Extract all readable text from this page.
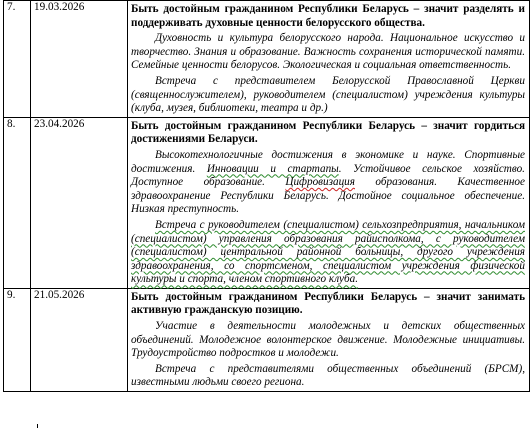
7.	19.03.2026	Быть достойным гражданином Республики Беларусь – значит разделять и поддерживать духовные ценности белорусского общества.
Духовность и культура белорусского народа. Национальное искусство и творчество. Знания и образование. Важность сохранения исторической памяти. Семейные ценности белорусов. Экологическая и социальная ответственность.
Встреча с представителем Белорусской Православной Церкви (священнослужителем), руководителем (специалистом) учреждения культуры (клуба, музея, библиотеки, театра и др.)

8.	23.04.2026	Быть достойным гражданином Республики Беларусь – значит гордиться достижениями Беларуси.
Высокотехнологичные достижения в экономике и науке. Спортивные достижения. Инновации и стартапы. Устойчивое сельское хозяйство. Доступное образование. Цифровизация образования. Качественное здравоохранение Республики Беларусь. Достойное социальное обеспечение. Низкая преступность.
Встреча с руководителем (специалистом) сельхозпредприятия, начальником (специалистом) управления образования райисполкома, с руководителем (специалистом) центральной районной больницы, другого учреждения здравоохранения, со спортсменом, специалистом учреждения физической культуры и спорта, членом спортивного клуба.

9.	21.05.2026	Быть достойным гражданином Республики Беларусь – значит занимать активную гражданскую позицию.
Участие в деятельности молодежных и детских общественных объединений. Молодежное волонтерское движение. Молодежные инициативы. Трудоустройство подростков и молодежи.
Встреча с представителями общественных объединений (БРСМ), известными людьми своего региона.
